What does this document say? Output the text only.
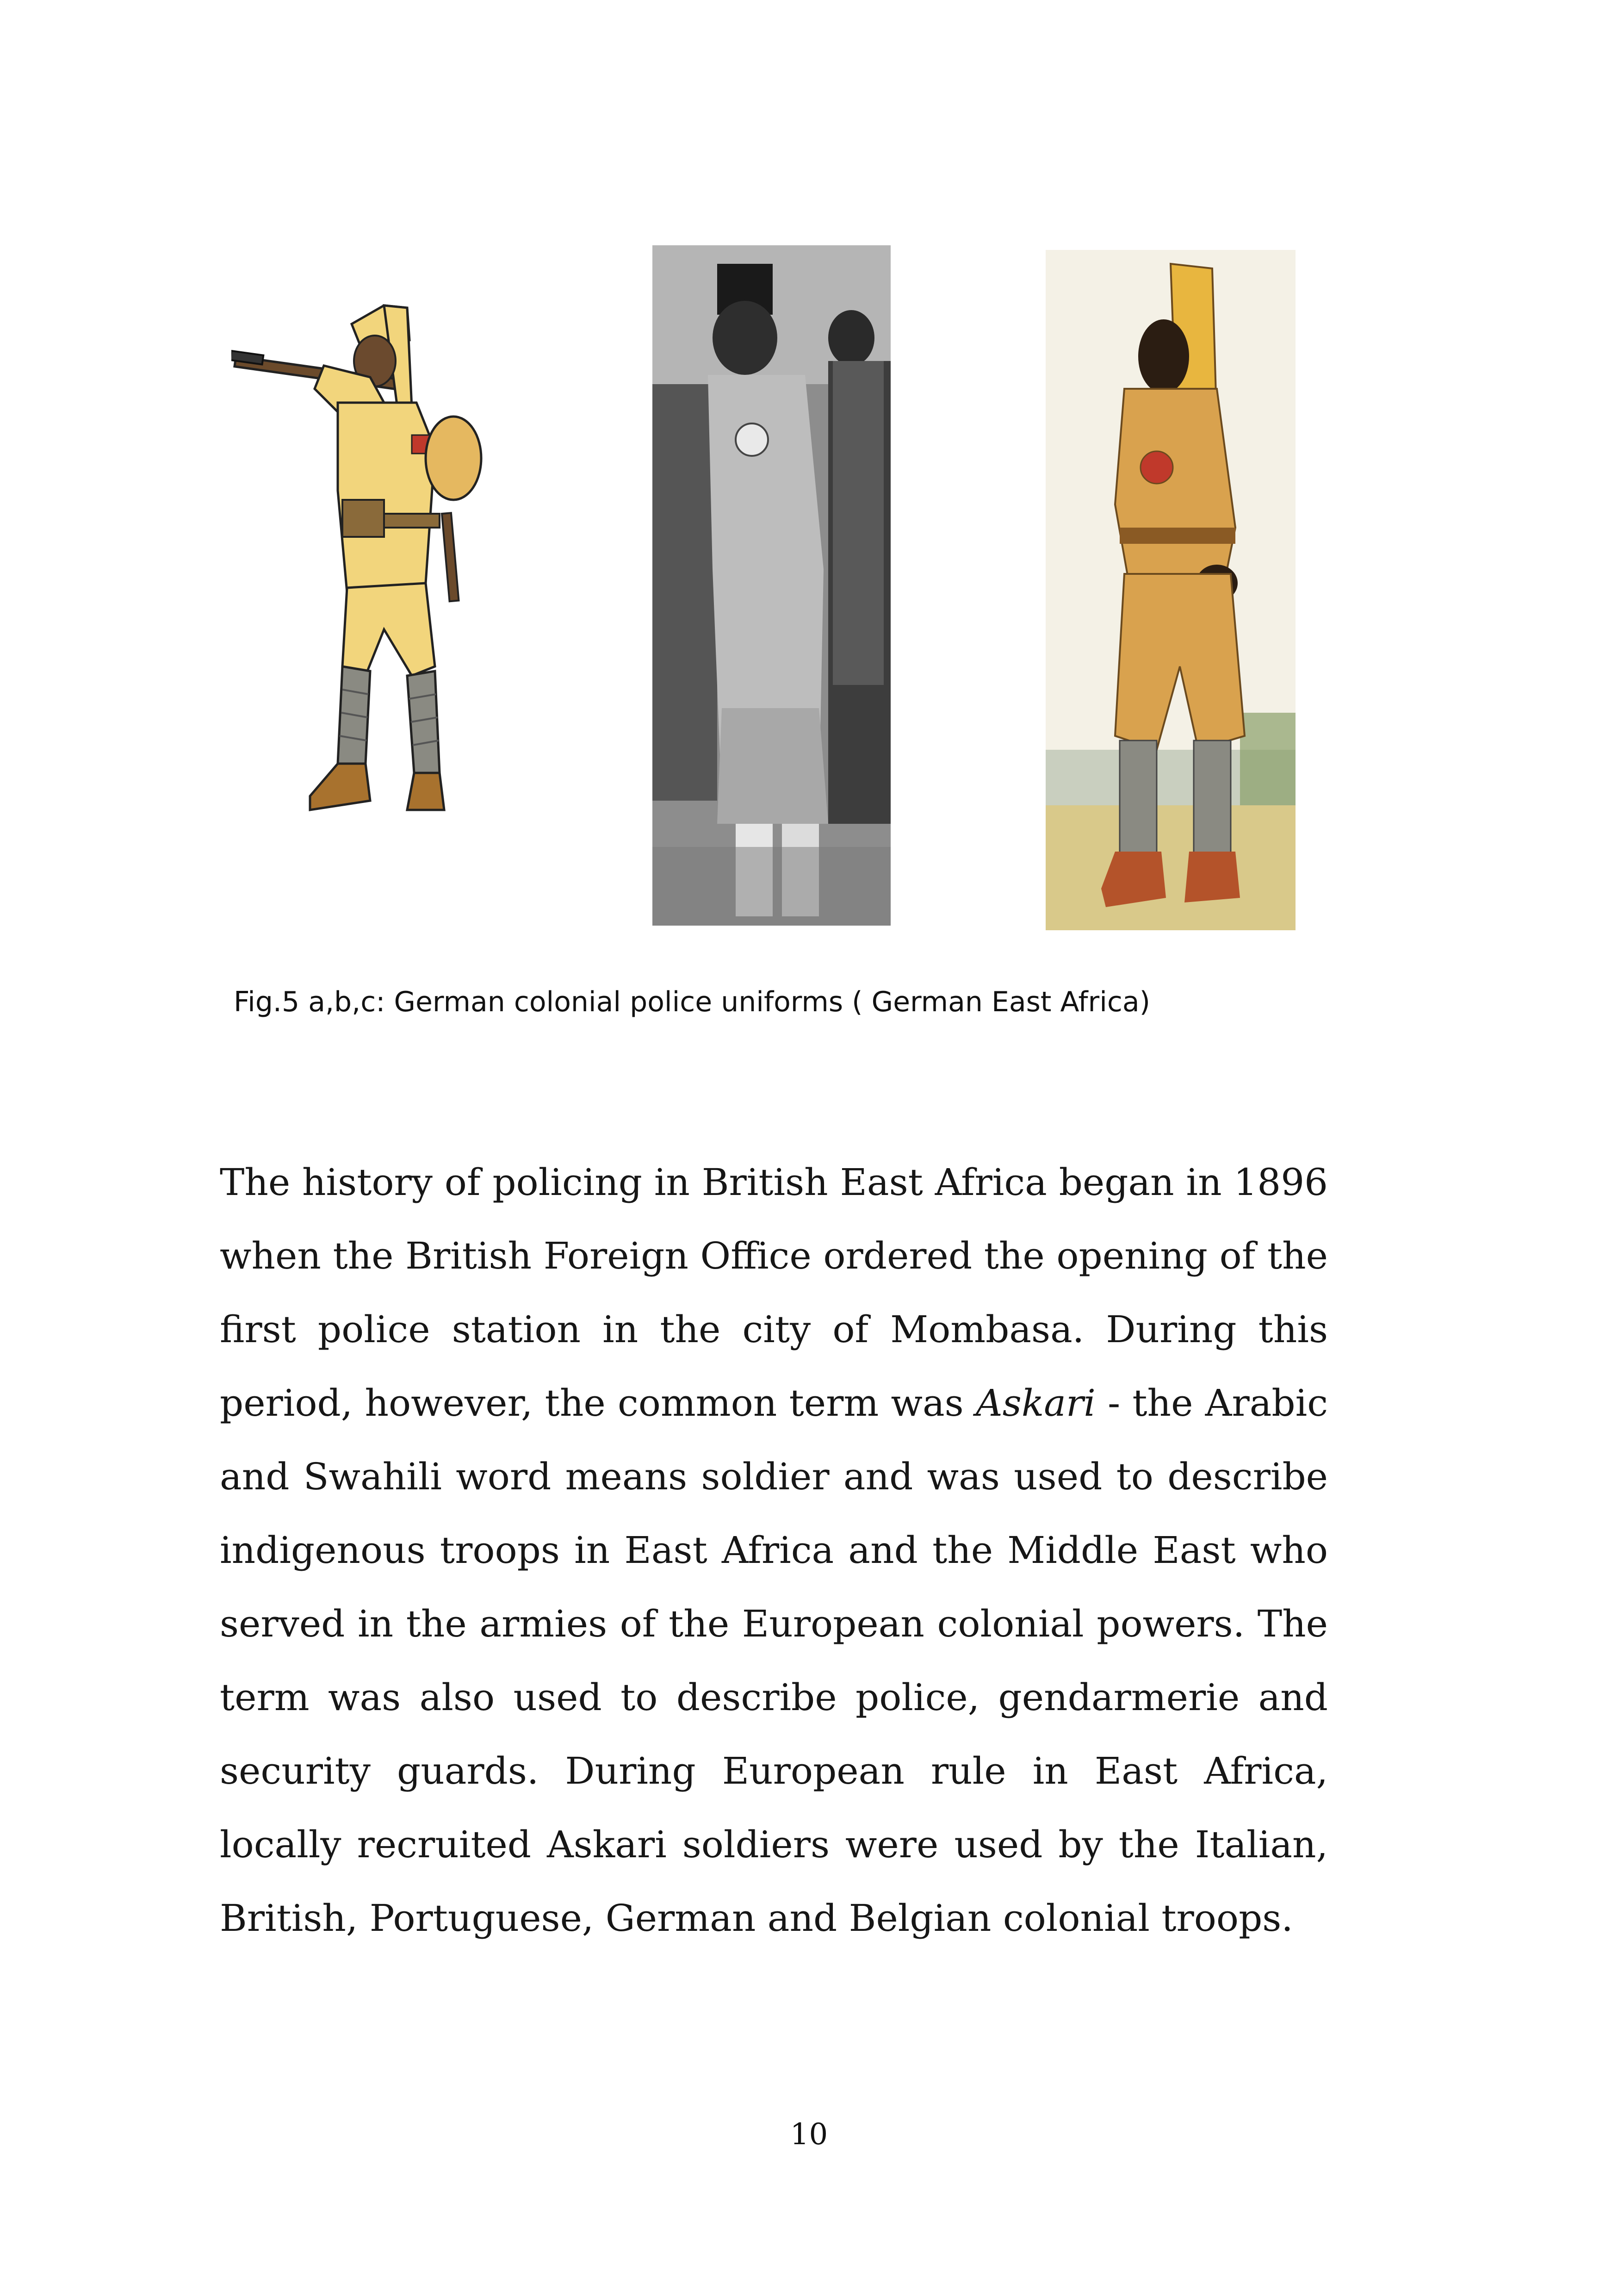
Fig.5 a,b,c: German colonial police uniforms ( German East Africa)

The history of policing in British East Africa began in 1896 when the British Foreign Office ordered the opening of the first police station in the city of Mombasa. During this period, however, the common term was Askari - the Arabic and Swahili word means soldier and was used to describe indigenous troops in East Africa and the Middle East who served in the armies of the European colonial powers. The term was also used to describe police, gendarmerie and security guards. During European rule in East Africa, locally recruited Askari soldiers were used by the Italian, British, Portuguese, German and Belgian colonial troops.

10
